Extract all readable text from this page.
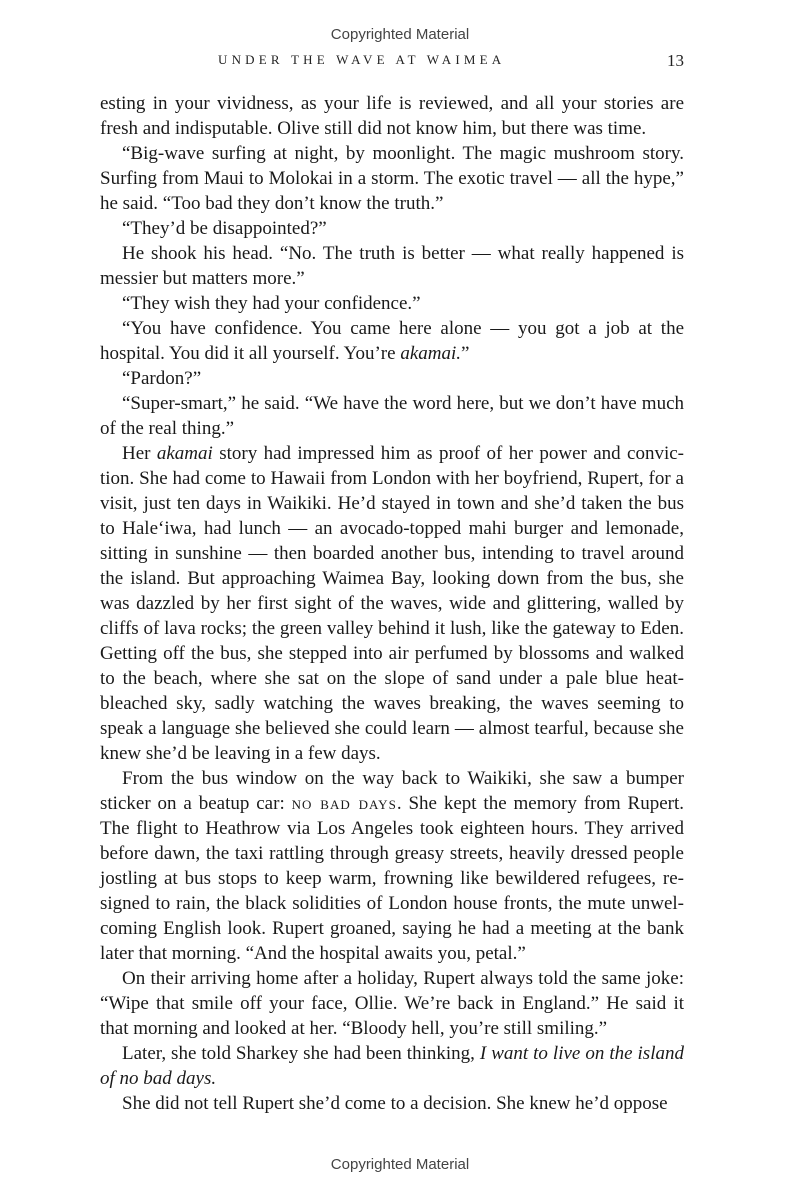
Copyrighted Material
UNDER THE WAVE AT WAIMEA	13

esting in your vividness, as your life is reviewed, and all your stories are fresh and indisputable. Olive still did not know him, but there was time.

“Big-wave surfing at night, by moonlight. The magic mushroom story. Surfing from Maui to Molokai in a storm. The exotic travel — all the hype,” he said. “Too bad they don’t know the truth.”

“They’d be disappointed?”

He shook his head. “No. The truth is better — what really happened is messier but matters more.”

“They wish they had your confidence.”

“You have confidence. You came here alone — you got a job at the hospital. You did it all yourself. You’re akamai.”

“Pardon?”

“Super-smart,” he said. “We have the word here, but we don’t have much of the real thing.”

Her akamai story had impressed him as proof of her power and conviction. She had come to Hawaii from London with her boyfriend, Rupert, for a visit, just ten days in Waikiki. He’d stayed in town and she’d taken the bus to Hale‘iwa, had lunch — an avocado-topped mahi burger and lemonade, sitting in sunshine — then boarded another bus, intending to travel around the island. But approaching Waimea Bay, looking down from the bus, she was dazzled by her first sight of the waves, wide and glittering, walled by cliffs of lava rocks; the green valley behind it lush, like the gateway to Eden. Getting off the bus, she stepped into air perfumed by blossoms and walked to the beach, where she sat on the slope of sand under a pale blue heat-bleached sky, sadly watching the waves breaking, the waves seeming to speak a language she believed she could learn — almost tearful, because she knew she’d be leaving in a few days.

From the bus window on the way back to Waikiki, she saw a bumper sticker on a beatup car: no bad days. She kept the memory from Rupert. The flight to Heathrow via Los Angeles took eighteen hours. They arrived before dawn, the taxi rattling through greasy streets, heavily dressed people jostling at bus stops to keep warm, frowning like bewildered refugees, resigned to rain, the black solidities of London house fronts, the mute unwelcoming English look. Rupert groaned, saying he had a meeting at the bank later that morning. “And the hospital awaits you, petal.”

On their arriving home after a holiday, Rupert always told the same joke: “Wipe that smile off your face, Ollie. We’re back in England.” He said it that morning and looked at her. “Bloody hell, you’re still smiling.”

Later, she told Sharkey she had been thinking, I want to live on the island of no bad days.

She did not tell Rupert she’d come to a decision. She knew he’d oppose

Copyrighted Material
